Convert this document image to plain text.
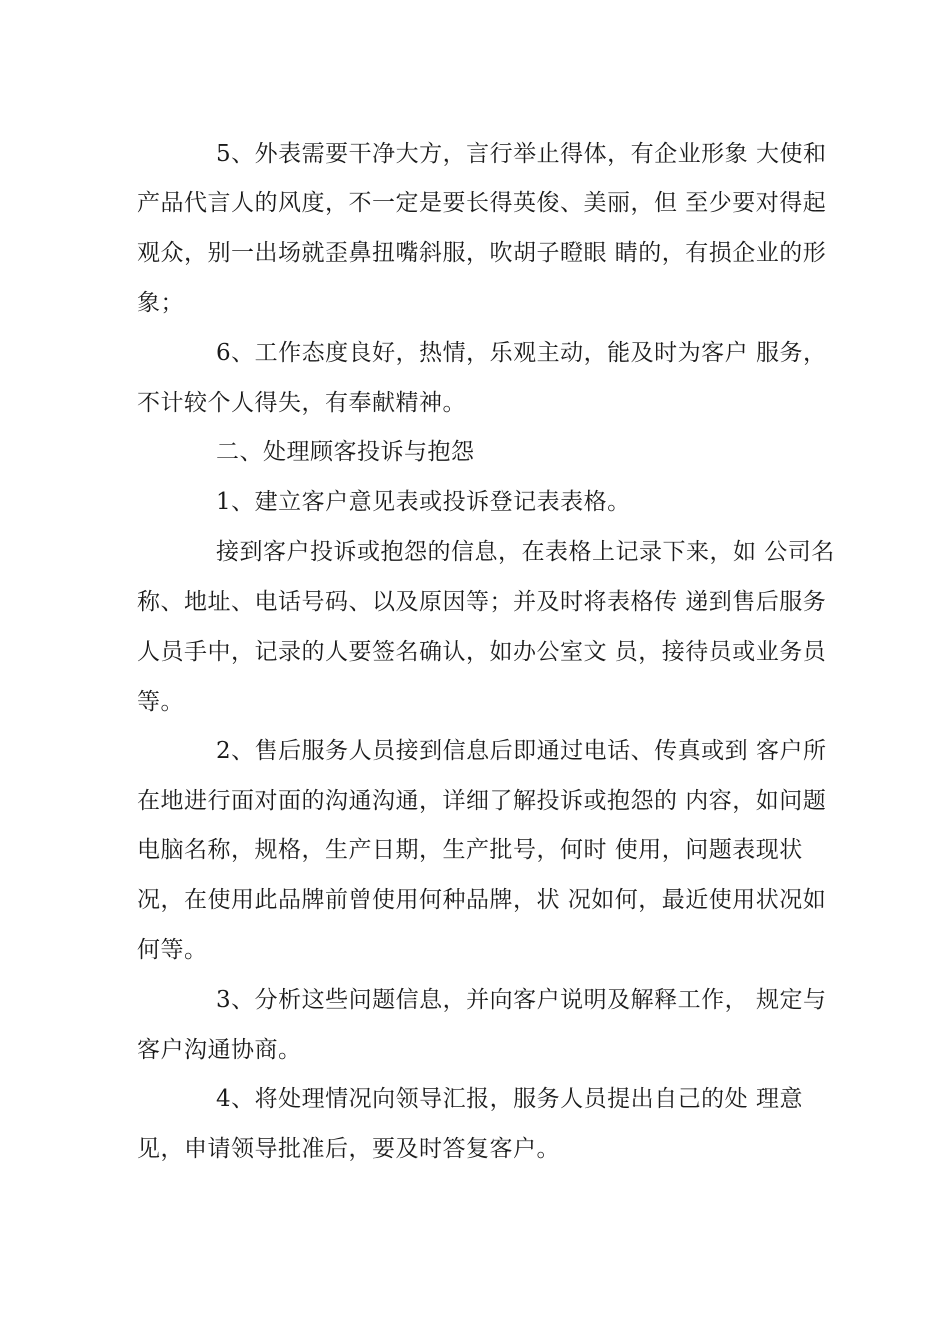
5、外表需要干净大方，言行举止得体，有企业形象 大使和
产品代言人的风度，不一定是要长得英俊、美丽，但 至少要对得起
观众，别一出场就歪鼻扭嘴斜服，吹胡子瞪眼 睛的，有损企业的形
象；
6、工作态度良好，热情，乐观主动，能及时为客户 服务，
不计较个人得失，有奉献精神。
二、处理顾客投诉与抱怨
1、建立客户意见表或投诉登记表表格。
接到客户投诉或抱怨的信息，在表格上记录下来，如 公司名
称、地址、电话号码、以及原因等；并及时将表格传 递到售后服务
人员手中，记录的人要签名确认，如办公室文 员，接待员或业务员
等。
2、售后服务人员接到信息后即通过电话、传真或到 客户所
在地进行面对面的沟通沟通，详细了解投诉或抱怨的 内容，如问题
电脑名称，规格，生产日期，生产批号，何时 使用，问题表现状
况，在使用此品牌前曾使用何种品牌，状 况如何，最近使用状况如
何等。
3、分析这些问题信息，并向客户说明及解释工作， 规定与
客户沟通协商。
4、将处理情况向领导汇报，服务人员提出自己的处 理意
见，申请领导批准后，要及时答复客户。
